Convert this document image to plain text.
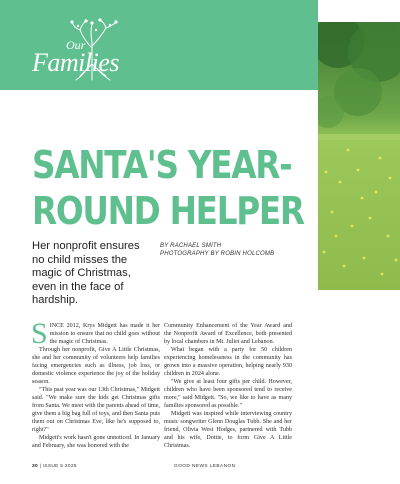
Our
Families
SANTA'S YEAR-
ROUND HELPER
Her nonprofit ensures no child misses the magic of Christmas, even in the face of hardship.
BY RACHAEL SMITH
PHOTOGRAPHY BY ROBIN HOLCOMB
S INCE 2012, Krys Midgett has made it her mission to ensure that no child goes without the magic of Christmas.

Through her nonprofit, Give A Little Christmas, she and her community of volunteers help families facing emergencies such as illness, job loss, or domestic violence experience the joy of the holiday season.

"This past year was our 13th Christmas," Midgett said. "We make sure the kids get Christmas gifts from Santa. We meet with the parents ahead of time, give them a big bag full of toys, and then Santa puts them out on Christmas Eve, like he's supposed to, right?"

Midgett's work hasn't gone unnoticed. In January and February, she was honored with the

Community Enhancement of the Year Award and the Nonprofit Award of Excellence, both presented by local chambers in Mt. Juliet and Lebanon.

What began with a party for 50 children experiencing homelessness in the community has grown into a massive operation, helping nearly 930 children in 2024 alone.

"We give at least four gifts per child. However, children who have been sponsored tend to receive more," said Midgett. "So, we like to have as many families sponsored as possible."

Midgett was inspired while interviewing country music songwriter Glenn Douglas Tubb. She and her friend, Olivia West Hodges, partnered with Tubb and his wife, Dottie, to form Give A Little Christmas.

30 | ISSUE 5 2025	GOOD NEWS LEBANON
